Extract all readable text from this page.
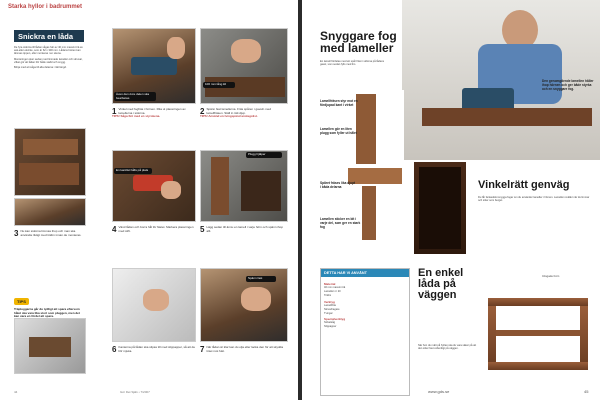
Starka hyllor i badrummet
Snickra en låda

De fyra sidorna till lådan sågas här av 40 mm massivt trä av ask-eller ekvirke, som är 62 x 300 mm. Lådans botten kan lämnas öppen, eller monteras i en skena.

Monteringen sker sedan med limmade lameller och skruvar, vilket gör att lådan blir både stabil och snygg.

Börja med att såga till alla delarna i rätt längd.

Även den övre delen ska bearbetas
100 mm lång kil
1 Vinkel med fogfräs i hörnen. Rita ut placeringen av lamellerna i sidorna.
TIPS! Såga fint med en styrskena.
2 Spänn fast lamellerna. Fräs spåren i gaveln med lamellfräsen. Ställ in rätt djup.
TIPS! Använd en tvingspänd anslagslist.
3 Nu kan sidorna limmas ihop och man ska använda riktigt med trälim innan de monteras.
En kantlist hålls på plats
Plugg hjälper
4 Vänd lådan och borra hål för fästet. Markera placeringen med stift.	5 Lägg sedan till ännu en lamell i varje hörn och spänn ihop allt.
TIPS
Träpluggarna går du tydligt att spara eftersom hålet ska vara lika stort som pluggen, men det kan vara en fördel att spara.
Spänn fast
6 Kanterna på lådan ska slipas till med slippapper, så att de blir mjuka.	7 När lådan är klar kan du olja eller lacka den för att skydda träet mot fukt.
44	Gör Det Själv • 7/2007
Snyggare fog med lameller
En lamell fördelas med ett spår fräst i sidorna på lådans gavel, som sedan fylls med lim.
Den genomgående lamellen håller ihop hörnen och ger både styrka och en snyggare fog.
Lamellfräsen styr mot en fördjupad kant i virket
Lamellen gör en liten plugg som fyller ut hålet
Spåret fräses lika djupt i båda delarna
Lamellen sticker en bit i varje del, som ger en stark fog
Vinkelrätt genväg
Du får fantastiskt snygga fogar om du använder lameller i hörnen. Lamellen sväller när du limmar och sitter som berget.
DETTA HAR VI ANVÄNT
Material
40 mm massivt trä
Lameller nr 20
Trälim
Verktyg
Lamellfräs
Skruvdragare
Tvingar
Specialverktyg
Sickelsåg
Slippapper
En enkel låda på väggen
När hon du mätt på hyllan ska du vara säker på att den sitter fast ordentligt på väggen.
Infogade hörn
www.gds.se	45
